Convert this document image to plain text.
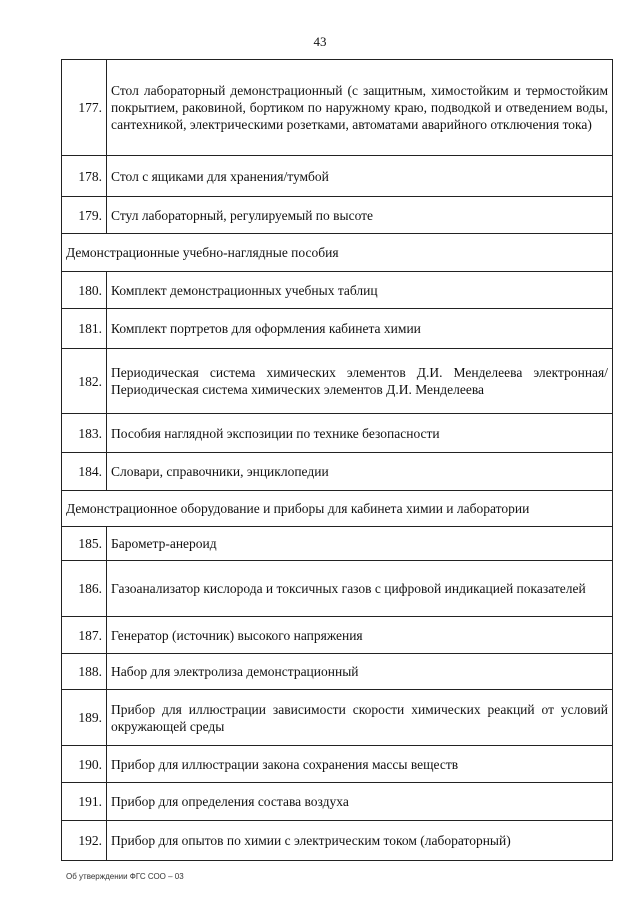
43
177.	Стол лабораторный демонстрационный (с защитным, химостойким и термостойким покрытием, раковиной, бортиком по наружному краю, подводкой и отведением воды, сантехникой, электрическими розетками, автоматами аварийного отключения тока)
178.	Стол с ящиками для хранения/тумбой
179.	Стул лабораторный, регулируемый по высоте
Демонстрационные учебно-наглядные пособия	
180.	Комплект демонстрационных учебных таблиц
181.	Комплект портретов для оформления кабинета химии
182.	Периодическая система химических элементов Д.И. Менделеева электронная/Периодическая система химических элементов Д.И. Менделеева
183.	Пособия наглядной экспозиции по технике безопасности
184.	Словари, справочники, энциклопедии
Демонстрационное оборудование и приборы для кабинета химии и лаборатории	
185.	Барометр-анероид
186.	Газоанализатор кислорода и токсичных газов с цифровой индикацией показателей
187.	Генератор (источник) высокого напряжения
188.	Набор для электролиза демонстрационный
189.	Прибор для иллюстрации зависимости скорости химических реакций от условий окружающей среды
190.	Прибор для иллюстрации закона сохранения массы веществ
191.	Прибор для определения состава воздуха
192.	Прибор для опытов по химии с электрическим током (лабораторный)
Об утверждении ФГС СОО – 03
